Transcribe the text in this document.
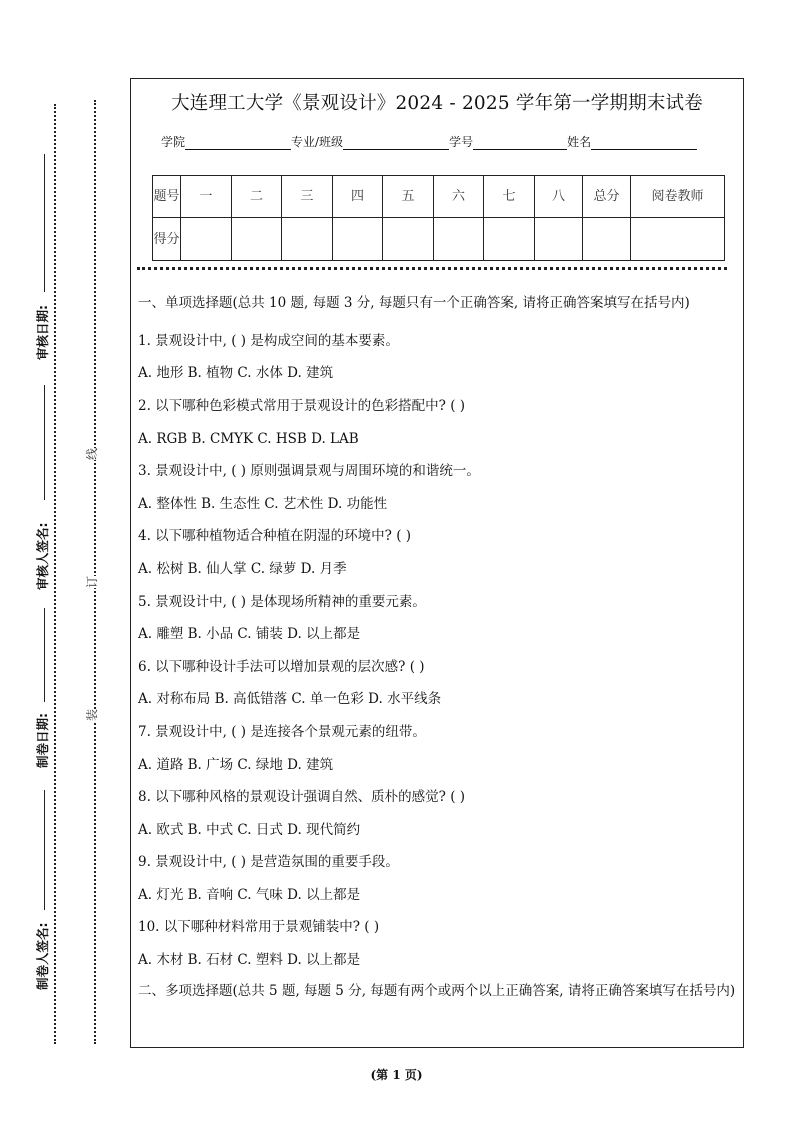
审核日期:
审核人签名:
制卷日期:
制卷人签名:
线
订
装
大连理工大学《景观设计》2024 - 2025 学年第一学期期末试卷
学院	专业/班级	学号	姓名
题号	一	二	三	四	五	六	七	八	总分	阅卷教师
得分										

一、单项选择题(总共 10 题, 每题 3 分, 每题只有一个正确答案, 请将正确答案填写在括号内)

1. 景观设计中, ( ) 是构成空间的基本要素。
A. 地形 B. 植物 C. 水体 D. 建筑
2. 以下哪种色彩模式常用于景观设计的色彩搭配中? ( )
A. RGB B. CMYK C. HSB D. LAB
3. 景观设计中, ( ) 原则强调景观与周围环境的和谐统一。
A. 整体性 B. 生态性 C. 艺术性 D. 功能性
4. 以下哪种植物适合种植在阴湿的环境中? ( )
A. 松树 B. 仙人掌 C. 绿萝 D. 月季
5. 景观设计中, ( ) 是体现场所精神的重要元素。
A. 雕塑 B. 小品 C. 铺装 D. 以上都是
6. 以下哪种设计手法可以增加景观的层次感? ( )
A. 对称布局 B. 高低错落 C. 单一色彩 D. 水平线条
7. 景观设计中, ( ) 是连接各个景观元素的纽带。
A. 道路 B. 广场 C. 绿地 D. 建筑
8. 以下哪种风格的景观设计强调自然、质朴的感觉? ( )
A. 欧式 B. 中式 C. 日式 D. 现代简约
9. 景观设计中, ( ) 是营造氛围的重要手段。
A. 灯光 B. 音响 C. 气味 D. 以上都是
10. 以下哪种材料常用于景观铺装中? ( )
A. 木材 B. 石材 C. 塑料 D. 以上都是

二、多项选择题(总共 5 题, 每题 5 分, 每题有两个或两个以上正确答案, 请将正确答案填写在括号内)

(第 1 页)
